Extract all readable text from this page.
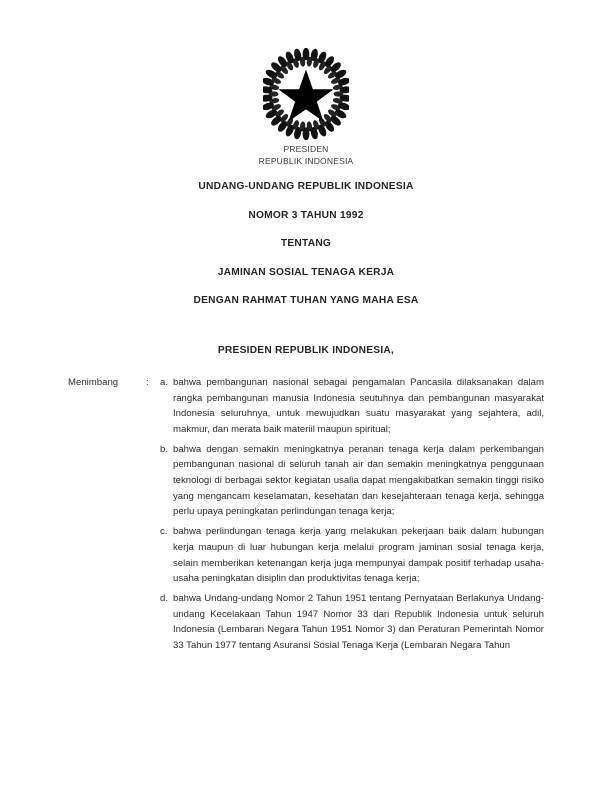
PRESIDEN
REPUBLIK INDONESIA
UNDANG-UNDANG REPUBLIK INDONESIA
NOMOR 3 TAHUN 1992
TENTANG
JAMINAN SOSIAL TENAGA KERJA
DENGAN RAHMAT TUHAN YANG MAHA ESA
PRESIDEN REPUBLIK INDONESIA,
Menimbang	:	a. bahwa pembangunan nasional sebagai pengamalan Pancasila dilaksanakan dalam rangka pembangunan manusia Indonesia seutuhnya dan pembangunan masyarakat Indonesia seluruhnya, untuk mewujudkan suatu masyarakat yang sejahtera, adil, makmur, dan merata baik materiil maupun spiritual;
b. bahwa dengan semakin meningkatnya peranan tenaga kerja dalam perkembangan pembangunan nasional di seluruh tanah air dan semakin meningkatnya penggunaan teknologi di berbagai sektor kegiatan usalia dapat mengakibatkan semakin tinggi risiko yang mengancam keselamatan, kesehatan dan kesejahteraan tenaga kerja, sehingga perlu upaya peningkatan perlindungan tenaga kerja;
c. bahwa perlindungan tenaga kerja yang melakukan pekerjaan baik dalam hubungan kerja maupun di luar hubungan kerja melalui program jaminan sosial tenaga kerja, selain memberikan ketenangan kerja juga mempunyai dampak positif terhadap usaha-usaha peningkatan disiplin dan produktivitas tenaga kerja;
d. bahwa Undang-undang Nomor 2 Tahun 1951 tentang Pernyataan Berlakunya Undang-undang Kecelakaan Tahun 1947 Nomor 33 dari Republik Indonesia untuk seluruh Indonesia (Lembaran Negara Tahun 1951 Nomor 3) dan Peraturan Pemerintah Nomor 33 Tahun 1977 tentang Asuransi Sosial Tenaga Kerja (Lembaran Negara Tahun
